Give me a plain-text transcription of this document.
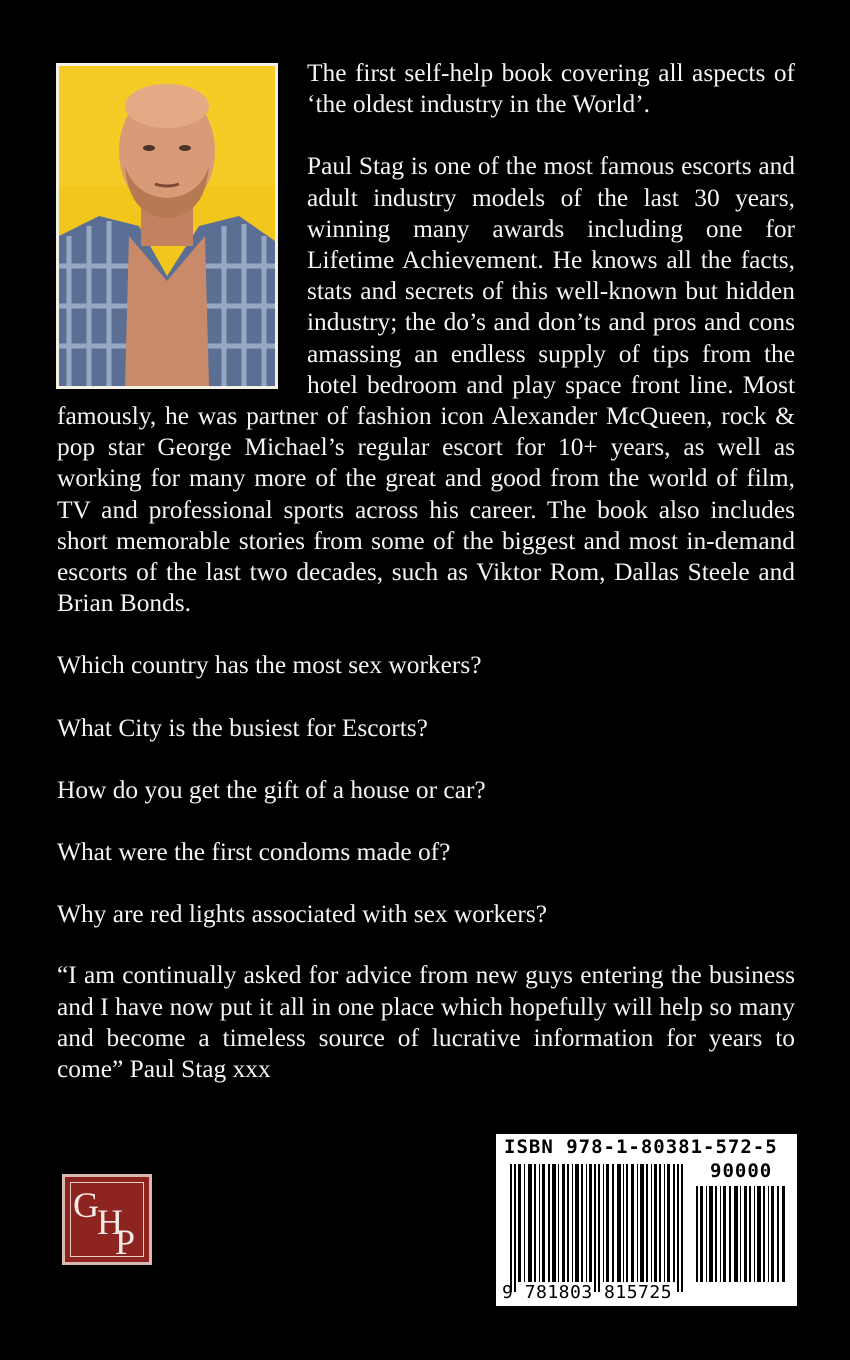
The first self-help book covering all aspects of ‘the oldest industry in the World’.

Paul Stag is one of the most famous escorts and adult industry models of the last 30 years, winning many awards including one for Lifetime Achievement. He knows all the facts, stats and secrets of this well-known but hidden industry; the do’s and don’ts and pros and cons amassing an endless supply of tips from the hotel bedroom and play space front line. Most famously, he was partner of fashion icon Alexander McQueen, rock & pop star George Michael’s regular escort for 10+ years, as well as working for many more of the great and good from the world of film, TV and professional sports across his career. The book also includes short memorable stories from some of the biggest and most in-demand escorts of the last two decades, such as Viktor Rom, Dallas Steele and Brian Bonds.

Which country has the most sex workers?

What City is the busiest for Escorts?

How do you get the gift of a house or car?

What were the first condoms made of?

Why are red lights associated with sex workers?

“I am continually asked for advice from new guys entering the business and I have now put it all in one place which hopefully will help so many and become a timeless source of lucrative information for years to come” Paul Stag xxx

G
H
P
ISBN 978-1-80381-572-5
90000
9 781803 815725
